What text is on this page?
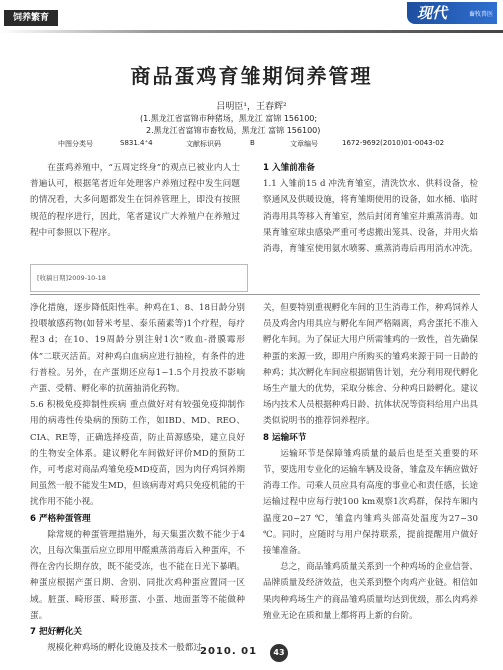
饲养繁育	现代	畜牧兽医
商品蛋鸡育雏期饲养管理
吕明臣¹，王春辉²
(1.黑龙江省富锦市种猪场，黑龙江 富锦 156100;
2.黑龙江省富锦市畜牧局，黑龙江 富锦 156100)
中图分类号	S831.4⁺4	文献标识码	B	文章编号	1672-9692(2010)01-0043-02
在蛋鸡养殖中，“五周定终身”的观点已被业内人士普遍认可，根据笔者近年处理客户养殖过程中发生问题的情况看，大多问题都发生在饲养管理上，即没有按照规范的程序进行，因此，笔者建议广大养殖户在养殖过程中可参照以下程序。
[收稿日期]2009-10-18
1 入雏前准备
1.1 入雏前15 d 冲洗育雏室，清洗饮水、供料设备，检察通风及供暖设施，将育雏期使用的设备，如水桶、临时消毒用具等移入育雏室，然后封闭育雏室并熏蒸消毒。如果育雏室球虫感染严重可考虑搬出笼具、设备，并用火焰消毒，育雏室使用氨水喷雾、熏蒸消毒后再用消水冲洗。
净化措施，逐步降低阳性率。种鸡在1、8、18日龄分别投喂敏感药物(如替米考星、泰乐菌素等)1个疗程，每疗程3 d；在10、19周龄分别注射1次“败血-滑膜霉形体”二联灭活苗。对种鸡白血病应进行抽检，有条件的进行普检。另外，在产蛋期还应每1~1.5个月投放不影响产蛋、受精、孵化率的抗菌抽消化药物。
5.6 积极免疫抑制性疾病 重点做好对有较强免疫抑制作用的病毒性传染病的预防工作，如IBD、MD、REO、CIA、RE等，正确选择疫苗，防止苗源感染，建立良好的生物安全体系。建议孵化车间做好评价MD的预防工作，可考虑对商品鸡雏免疫MD疫苗，因为肉仔鸡饲养期间虽然一般不能发生MD，但该病毒对鸡只免疫机能的干扰作用不能小视。
6 严格种蛋管理
除常规的种蛋管理措施外，每天集蛋次数不能少于4次，且每次集蛋后应立即用甲醛熏蒸消毒后入种蛋库，不得在舍内长期存放，既不能受冻，也不能在日光下暴晒。种蛋应根据产蛋日期、舍别、同批次鸡种蛋应置同一区域。脏蛋、畸形蛋、畸形蛋、小蛋、地面蛋等不能做种蛋。
7 把好孵化关
规模化种鸡场的孵化设施及技术一般都过
关，但要特别重视孵化车间的卫生消毒工作，种鸡饲养人员及鸡舍内用具应与孵化车间严格隔离，鸡舍蛋托不准入孵化车间。为了保证大用户所需雏鸡的一致性，首先确保种蛋的来源一致，即用户所购买的雏鸡来源于同一日龄的种鸡；其次孵化车间应根据销售计划，充分利用现代孵化场生产量大的优势，采取分栋舍、分种鸡日龄孵化。建议场内技术人员根据种鸡日龄、抗体状况等资料给用户出具类似说明书的推荐饲养程序。
8 运输环节
运输环节是保障雏鸡质量的最后也是至关重要的环节，要选用专业化的运输车辆及设备，雏盒及车辆应做好消毒工作。司乘人员应具有高度的事业心和责任感，长途运输过程中应每行驶100 km观察1次鸡群，保持车厢内温度20~27 ℃，雏盒内雏鸡头部高处温度为27~30 ℃。同时，应随时与用户保持联系，提前提醒用户做好接雏准备。
总之，商品雏鸡质量关系到一个种鸡场的企业信誉、品牌质量及经济效益，也关系到整个肉鸡产业链。相信如果肉种鸡场生产的商品雏鸡质量均达到优级，那么肉鸡养殖业无论在质和量上都将再上新的台阶。
2010. 01	43
